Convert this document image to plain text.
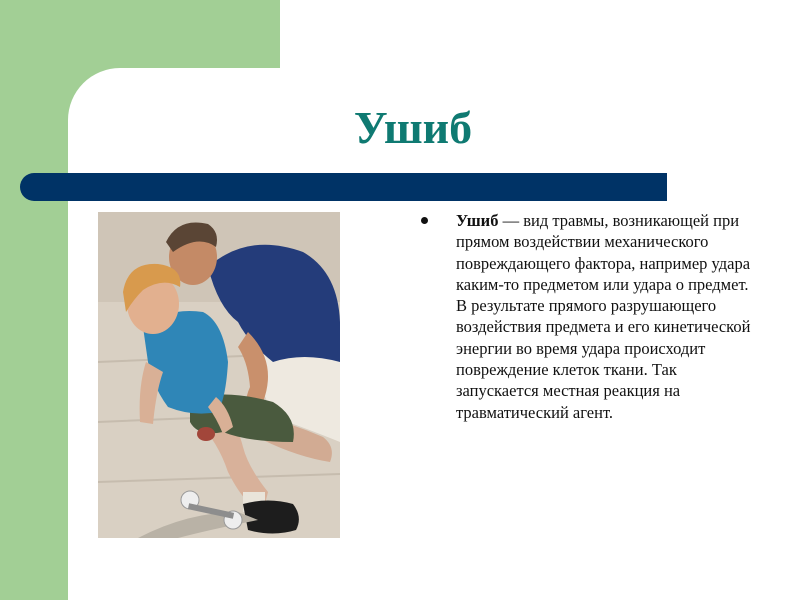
Ушиб

Ушиб — вид травмы, возникающей при прямом воздействии механического повреждающего фактора, например удара каким-то предметом или удара о предмет. В результате прямого разрушающего воздействия предмета и его кинетической энергии во время удара происходит повреждение клеток ткани. Так запускается местная реакция на травматический агент.
